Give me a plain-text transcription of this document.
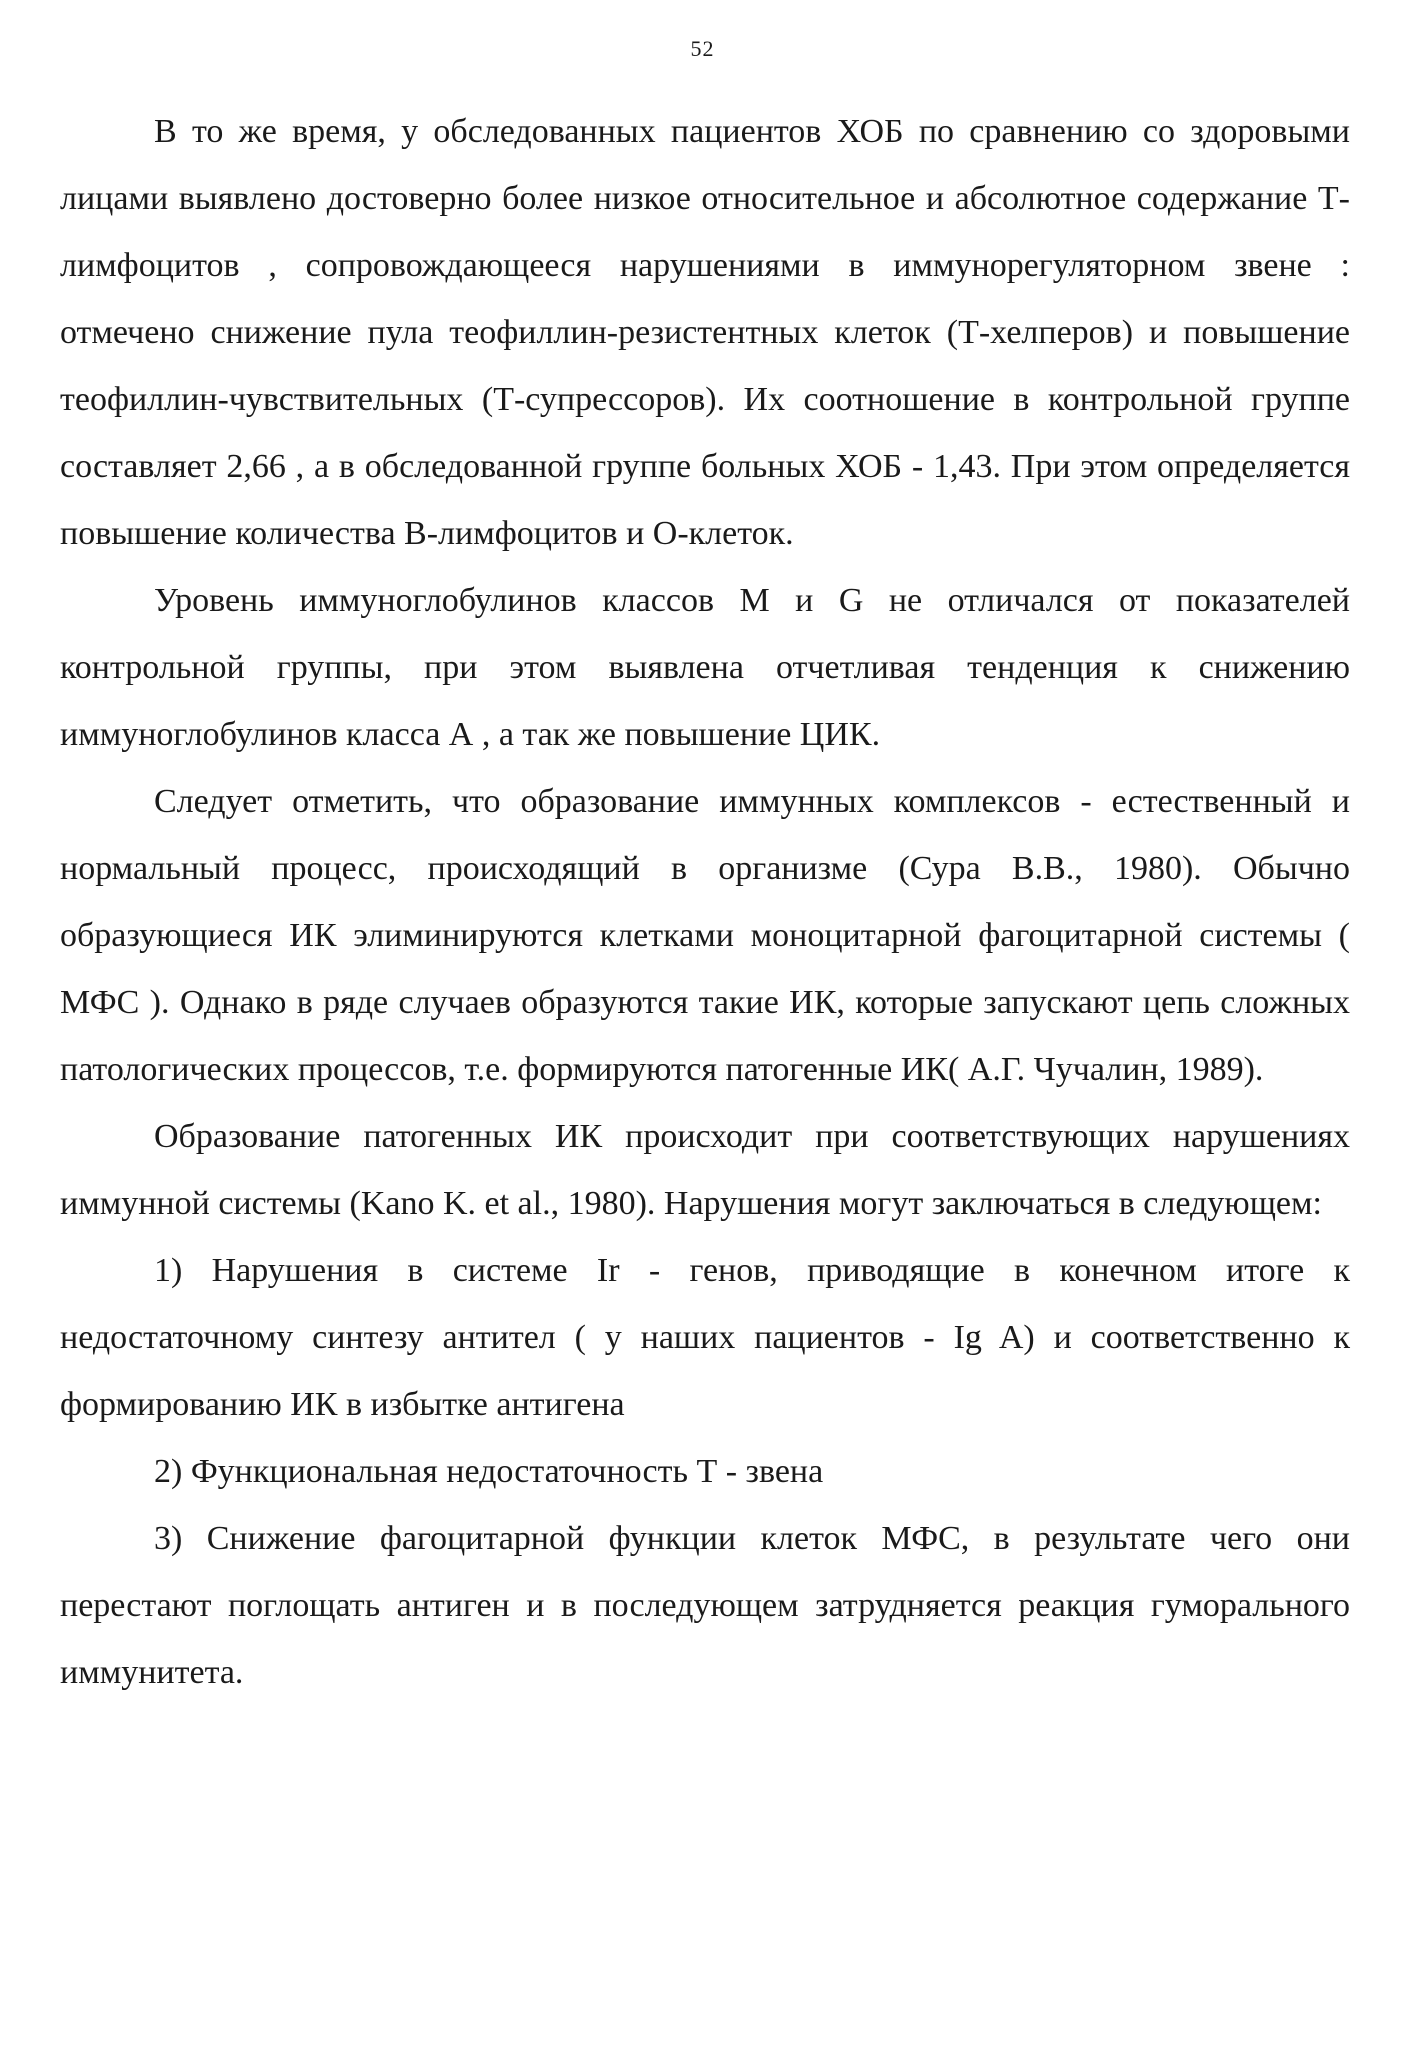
52

В то же время, у обследованных пациентов ХОБ по сравнению со здоровыми лицами выявлено достоверно более низкое относительное и абсолютное содержание Т-лимфоцитов , сопровождающееся нарушениями в иммунорегуляторном звене : отмечено снижение пула теофиллин-резистентных клеток (Т-хелперов) и повышение теофиллин-чувствительных (Т-супрессоров). Их соотношение в контрольной группе составляет 2,66 , а в обследованной группе больных ХОБ - 1,43. При этом определяется повышение количества В-лимфоцитов и О-клеток.

Уровень иммуноглобулинов классов М и G не отличался от показателей контрольной группы, при этом выявлена отчетливая тенденция к снижению иммуноглобулинов класса А , а так же повышение ЦИК.

Следует отметить, что образование иммунных комплексов - естественный и нормальный процесс, происходящий в организме (Сура В.В., 1980). Обычно образующиеся ИК элиминируются клетками моноцитарной фагоцитарной системы ( МФС ). Однако в ряде случаев образуются такие ИК, которые запускают цепь сложных патологических процессов, т.е. формируются патогенные ИК( А.Г. Чучалин, 1989).

Образование патогенных ИК происходит при соответствующих нарушениях иммунной системы (Kano K. et al., 1980). Нарушения могут заключаться в следующем:

1) Нарушения в системе Ir - генов, приводящие в конечном итоге к недостаточному синтезу антител ( у наших пациентов - Ig A) и соответственно к формированию ИК в избытке антигена

2) Функциональная недостаточность Т - звена

3) Снижение фагоцитарной функции клеток МФС, в результате чего они перестают поглощать антиген и в последующем затрудняется реакция гуморального иммунитета.
